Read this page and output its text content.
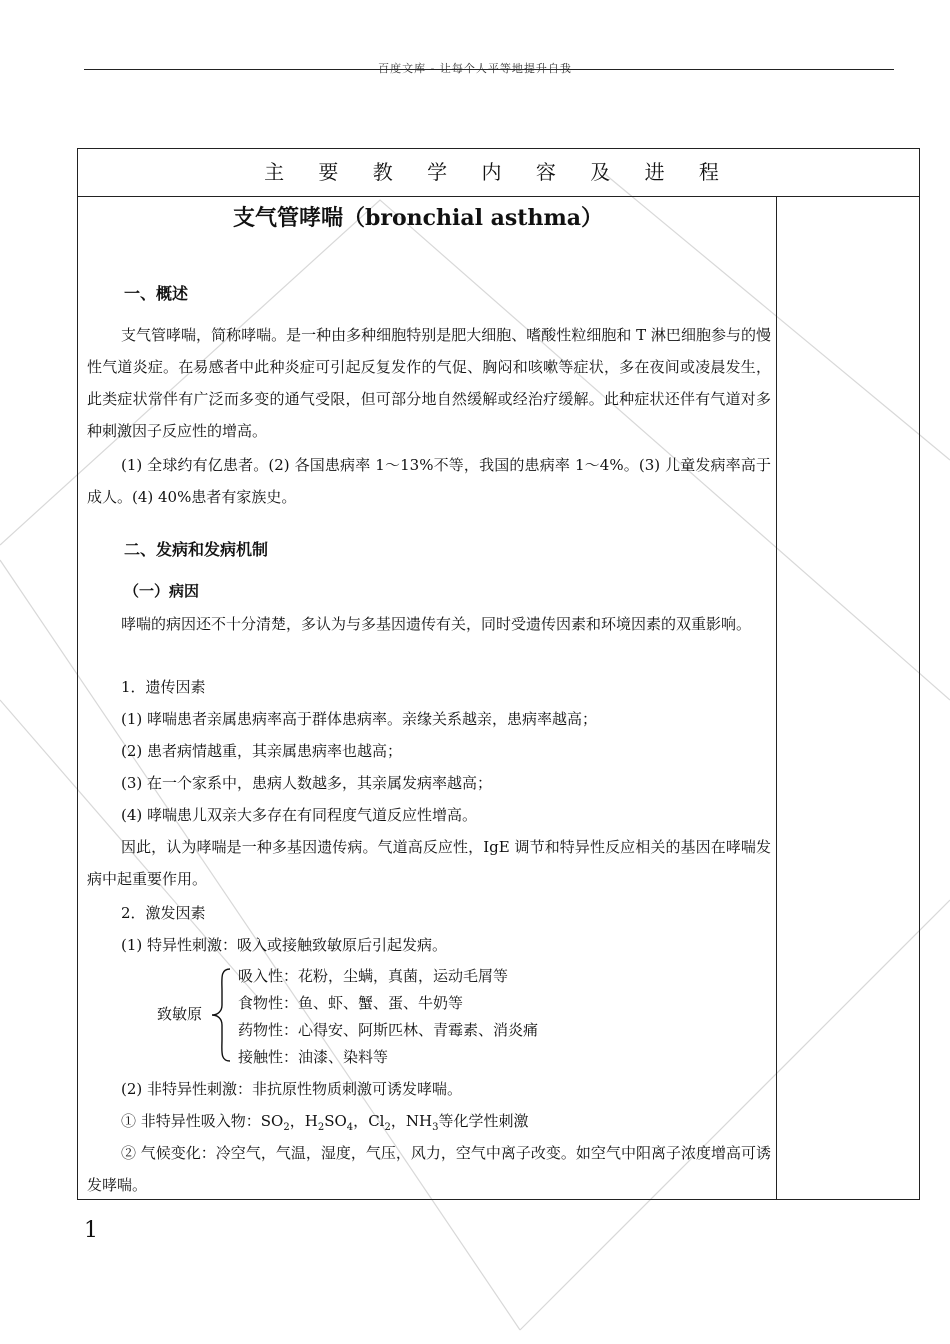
百度文库 - 让每个人平等地提升自我
主 要 教 学 内 容 及 进 程
支气管哮喘（bronchial asthma）
一、概述
支气管哮喘，简称哮喘。是一种由多种细胞特别是肥大细胞、嗜酸性粒细胞和 T 淋巴细胞参与的慢性气道炎症。在易感者中此种炎症可引起反复发作的气促、胸闷和咳嗽等症状，多在夜间或凌晨发生，此类症状常伴有广泛而多变的通气受限，但可部分地自然缓解或经治疗缓解。此种症状还伴有气道对多种刺激因子反应性的增高。
(1) 全球约有亿患者。(2) 各国患病率 1～13%不等，我国的患病率 1～4%。(3) 儿童发病率高于成人。(4) 40%患者有家族史。
二、发病和发病机制
（一）病因
哮喘的病因还不十分清楚，多认为与多基因遗传有关，同时受遗传因素和环境因素的双重影响。
1．遗传因素
(1) 哮喘患者亲属患病率高于群体患病率。亲缘关系越亲，患病率越高；
(2) 患者病情越重，其亲属患病率也越高；
(3) 在一个家系中，患病人数越多，其亲属发病率越高；
(4) 哮喘患儿双亲大多存在有同程度气道反应性增高。
因此，认为哮喘是一种多基因遗传病。气道高反应性，IgE 调节和特异性反应相关的基因在哮喘发病中起重要作用。
2．激发因素
(1) 特异性刺激：吸入或接触致敏原后引起发病。
致敏原
吸入性：花粉，尘螨，真菌，运动毛屑等
食物性：鱼、虾、蟹、蛋、牛奶等
药物性：心得安、阿斯匹林、青霉素、消炎痛
接触性：油漆、染料等
(2) 非特异性刺激：非抗原性物质刺激可诱发哮喘。
① 非特异性吸入物：$SO_2$，$H_2SO_4$，$Cl_2$，$NH_3$等化学性刺激
② 气候变化：冷空气，气温，湿度，气压，风力，空气中离子改变。如空气中阳离子浓度增高可诱发哮喘。
1
